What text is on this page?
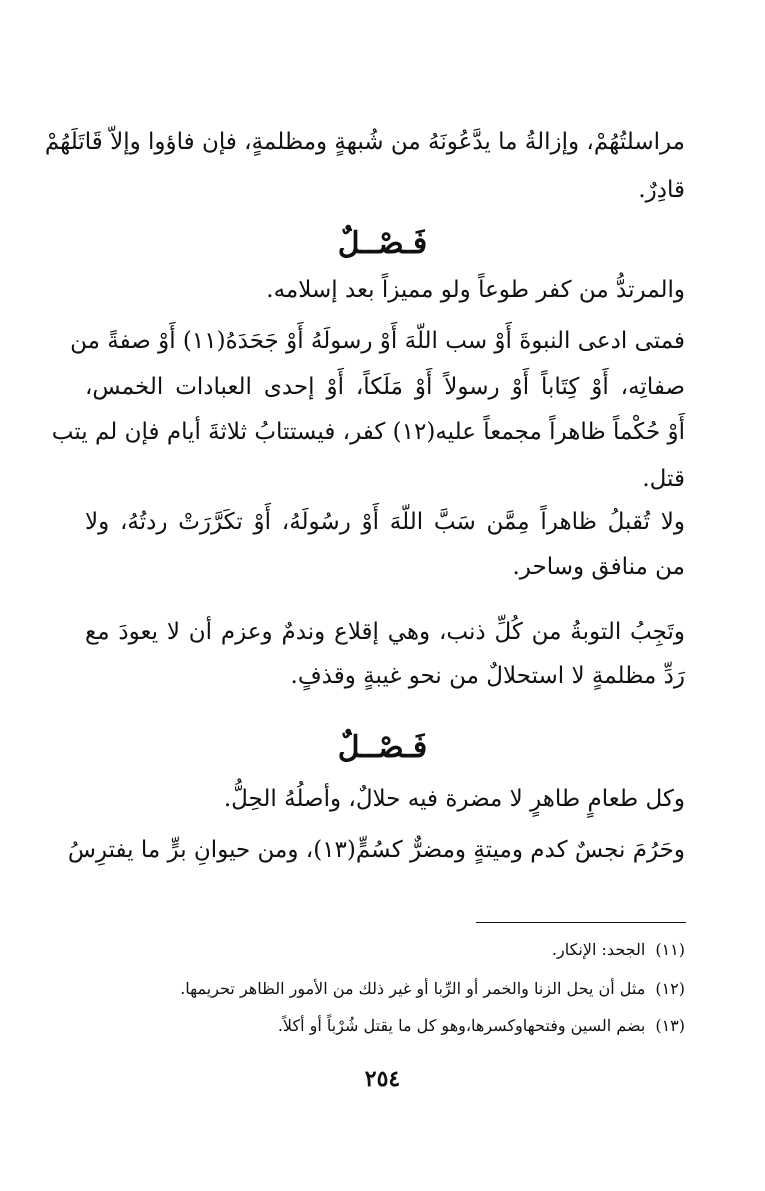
مراسلتُهُمْ، وإزالةُ ما يدَّعُونَهُ من شُبهةٍ ومظلمةٍ، فإن فاؤوا وإلاّ قَاتَلَهُمْ
قادِرٌ.
فَـصْــلٌ
والمرتدُّ من كفر طوعاً ولو مميزاً بعد إسلامه.
فمتى ادعى النبوةَ أَوْ سب اللّهَ أَوْ رسولَهُ أَوْ جَحَدَهُ(١١) أَوْ صفةً من
صفاتِه، أَوْ كِتَاباً أَوْ رسولاً أَوْ مَلَكاً، أَوْ إحدى العبادات الخمس،
أَوْ حُكْماً ظاهراً مجمعاً عليه(١٢) كفر، فيستتابُ ثلاثةَ أيام فإن لم يتب
قتل.
ولا تُقبلُ ظاهراً مِمَّن سَبَّ اللّهَ أَوْ رسُولَهُ، أَوْ تكَرَّرَتْ ردتُهُ، ولا
من منافق وساحر.
وتَجِبُ التوبةُ من كُلِّ ذنب، وهي إقلاع وندمٌ وعزم أن لا يعودَ مع
رَدِّ مظلمةٍ لا استحلالٌ من نحو غيبةٍ وقذفٍ.
فَـصْــلٌ
وكل طعامٍ طاهرٍ لا مضرة فيه حلالٌ، وأصلُهُ الحِلُّ.
وحَرُمَ نجسٌ كدم وميتةٍ ومضرٌّ كسُمٍّ(١٣)، ومن حيوانِ برٍّ ما يفترِسُ
(١١)الجحد: الإنكار.
(١٢)مثل أن يحل الزنا والخمر أو الرِّبا أو غير ذلك من الأمور الظاهر تحريمها.
(١٣)بضم السين وفتحهاوكسرها،وهو كل ما يقتل شُرْباً أو أكلاً.
٢٥٤
